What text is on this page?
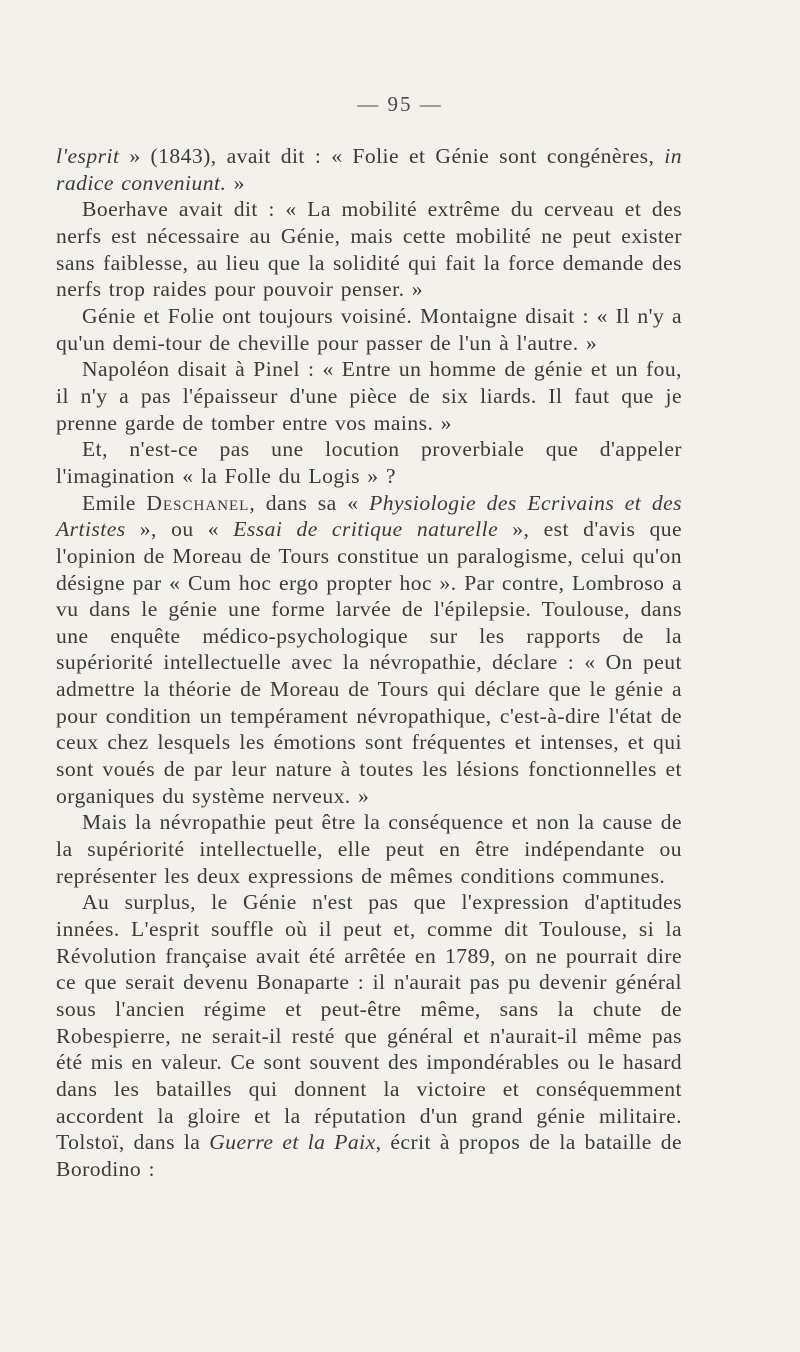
— 95 —

l'esprit » (1843), avait dit : « Folie et Génie sont congénères, in radice conveniunt. »

Boerhave avait dit : « La mobilité extrême du cerveau et des nerfs est nécessaire au Génie, mais cette mobilité ne peut exister sans faiblesse, au lieu que la solidité qui fait la force demande des nerfs trop raides pour pouvoir penser. »

Génie et Folie ont toujours voisiné. Montaigne disait : « Il n'y a qu'un demi-tour de cheville pour passer de l'un à l'autre. »

Napoléon disait à Pinel : « Entre un homme de génie et un fou, il n'y a pas l'épaisseur d'une pièce de six liards. Il faut que je prenne garde de tomber entre vos mains. »

Et, n'est-ce pas une locution proverbiale que d'appeler l'imagination « la Folle du Logis » ?

Emile Deschanel, dans sa « Physiologie des Ecrivains et des Artistes », ou « Essai de critique naturelle », est d'avis que l'opinion de Moreau de Tours constitue un paralogisme, celui qu'on désigne par « Cum hoc ergo propter hoc ». Par contre, Lombroso a vu dans le génie une forme larvée de l'épilepsie. Toulouse, dans une enquête médico-psychologique sur les rapports de la supériorité intellectuelle avec la névropathie, déclare : « On peut admettre la théorie de Moreau de Tours qui déclare que le génie a pour condition un tempérament névropathique, c'est-à-dire l'état de ceux chez lesquels les émotions sont fréquentes et intenses, et qui sont voués de par leur nature à toutes les lésions fonctionnelles et organiques du système nerveux. »

Mais la névropathie peut être la conséquence et non la cause de la supériorité intellectuelle, elle peut en être indépendante ou représenter les deux expressions de mêmes conditions communes.

Au surplus, le Génie n'est pas que l'expression d'aptitudes innées. L'esprit souffle où il peut et, comme dit Toulouse, si la Révolution française avait été arrêtée en 1789, on ne pourrait dire ce que serait devenu Bonaparte : il n'aurait pas pu devenir général sous l'ancien régime et peut-être même, sans la chute de Robespierre, ne serait-il resté que général et n'aurait-il même pas été mis en valeur. Ce sont souvent des impondérables ou le hasard dans les batailles qui donnent la victoire et conséquemment accordent la gloire et la réputation d'un grand génie militaire. Tolstoï, dans la Guerre et la Paix, écrit à propos de la bataille de Borodino :
